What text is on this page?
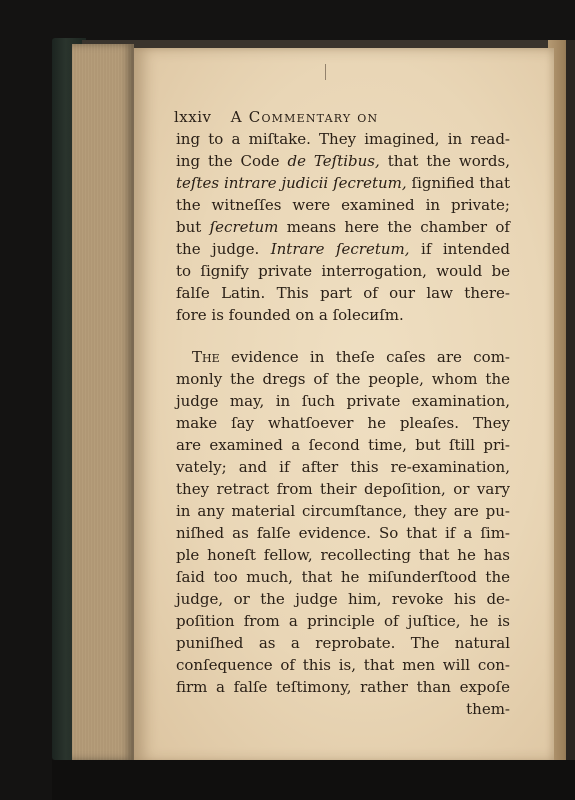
lxxiv A Commentary on
ing to a miſtake. They imagined, in read-
ing the Code de Teſtibus, that the words,
teſtes intrare judicii ſecretum, ſignified that
the witneſſes were examined in private;
but ſecretum means here the chamber of
the judge. Intrare ſecretum, if intended
to ſignify private interrogation, would be
falſe Latin. This part of our law there-
fore is founded on a ſolecиſm.
The evidence in theſe caſes are com-
monly the dregs of the people, whom the
judge may, in ſuch private examination,
make ſay whatſoever he pleaſes. They
are examined a ſecond time, but ſtill pri-
vately; and if after this re-examination,
they retract from their depoſition, or vary
in any material circumſtance, they are pu-
niſhed as falſe evidence. So that if a ſim-
ple honeſt fellow, recollecting that he has
ſaid too much, that he miſunderſtood the
judge, or the judge him, revoke his de-
poſition from a principle of juſtice, he is
puniſhed as a reprobate. The natural
conſequence of this is, that men will con-
firm a falſe teſtimony, rather than expoſe
them-
